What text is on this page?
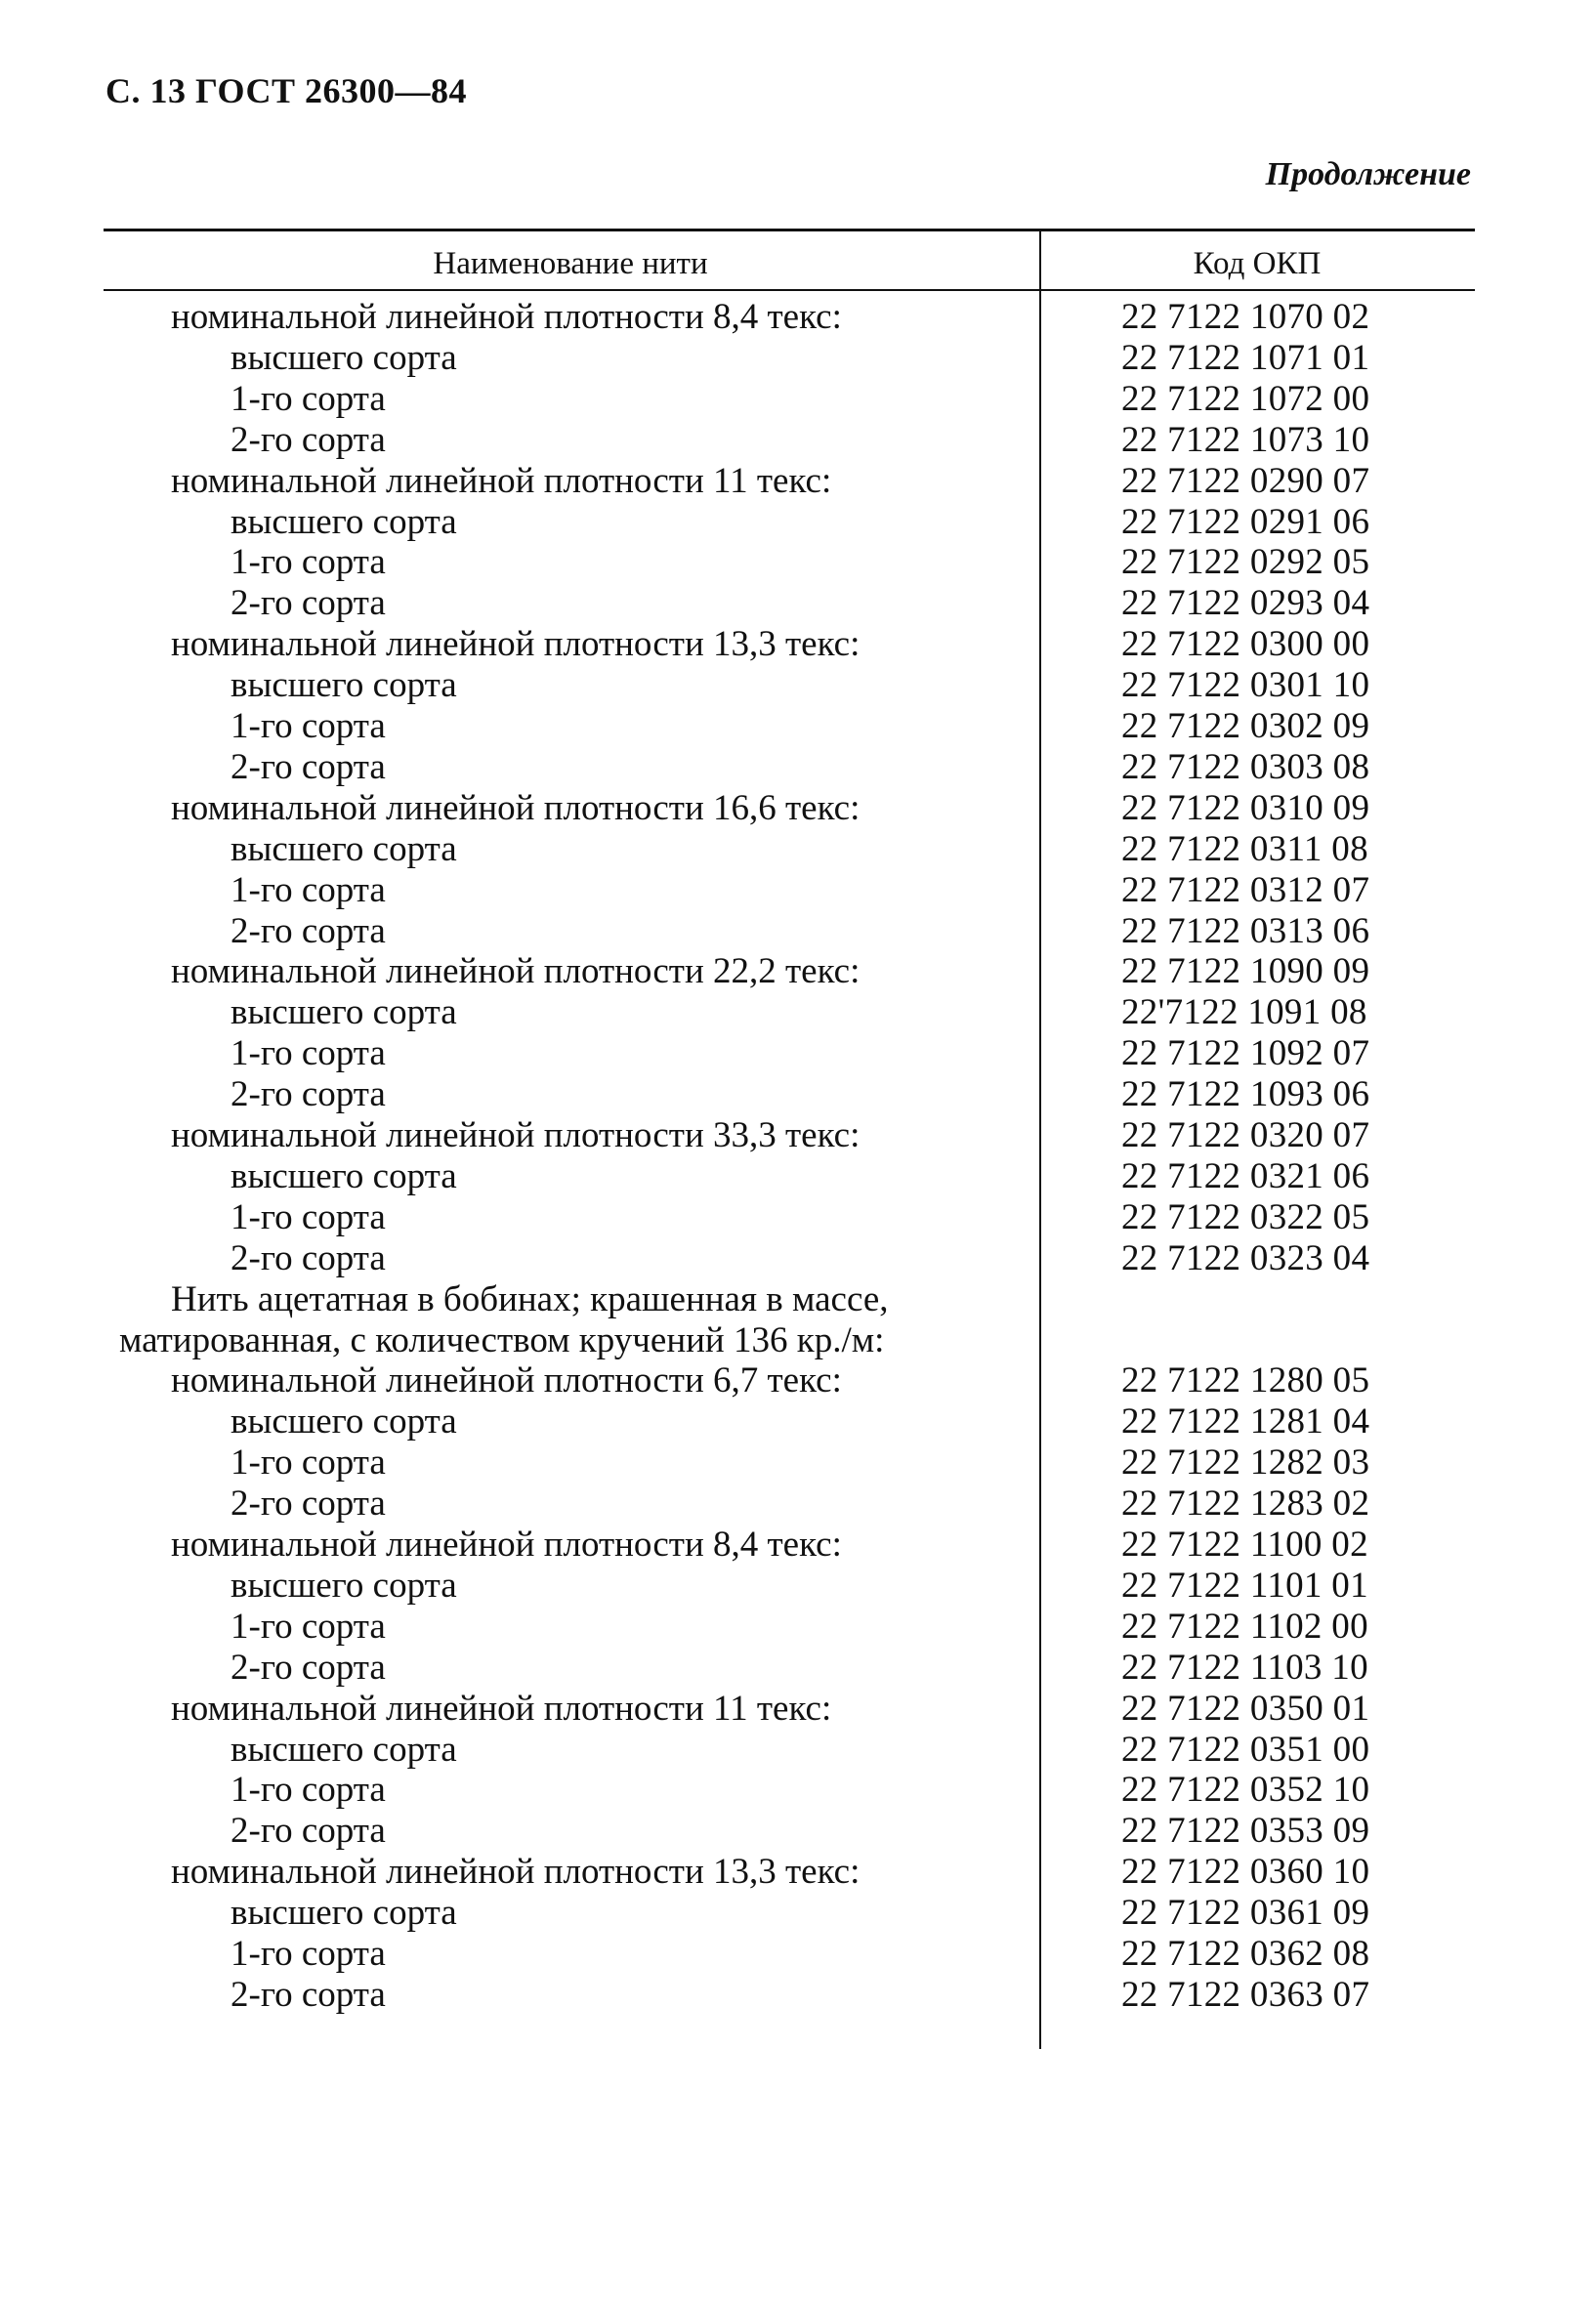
С. 13 ГОСТ 26300—84
Продолжение
Наименование нити	Код ОКП
номинальной линейной плотности 8,4 текс:	22 7122 1070 02
высшего сорта	22 7122 1071 01
1-го сорта	22 7122 1072 00
2-го сорта	22 7122 1073 10
номинальной линейной плотности 11 текс:	22 7122 0290 07
высшего сорта	22 7122 0291 06
1-го сорта	22 7122 0292 05
2-го сорта	22 7122 0293 04
номинальной линейной плотности 13,3 текс:	22 7122 0300 00
высшего сорта	22 7122 0301 10
1-го сорта	22 7122 0302 09
2-го сорта	22 7122 0303 08
номинальной линейной плотности 16,6 текс:	22 7122 0310 09
высшего сорта	22 7122 0311 08
1-го сорта	22 7122 0312 07
2-го сорта	22 7122 0313 06
номинальной линейной плотности 22,2 текс:	22 7122 1090 09
высшего сорта	22'7122 1091 08
1-го сорта	22 7122 1092 07
2-го сорта	22 7122 1093 06
номинальной линейной плотности 33,3 текс:	22 7122 0320 07
высшего сорта	22 7122 0321 06
1-го сорта	22 7122 0322 05
2-го сорта	22 7122 0323 04
Нить ацетатная в бобинах; крашенная в массе,
матированная, с количеством кручений 136 кр./м:
номинальной линейной плотности 6,7 текс:	22 7122 1280 05
высшего сорта	22 7122 1281 04
1-го сорта	22 7122 1282 03
2-го сорта	22 7122 1283 02
номинальной линейной плотности 8,4 текс:	22 7122 1100 02
высшего сорта	22 7122 1101 01
1-го сорта	22 7122 1102 00
2-го сорта	22 7122 1103 10
номинальной линейной плотности 11 текс:	22 7122 0350 01
высшего сорта	22 7122 0351 00
1-го сорта	22 7122 0352 10
2-го сорта	22 7122 0353 09
номинальной линейной плотности 13,3 текс:	22 7122 0360 10
высшего сорта	22 7122 0361 09
1-го сорта	22 7122 0362 08
2-го сорта	22 7122 0363 07
